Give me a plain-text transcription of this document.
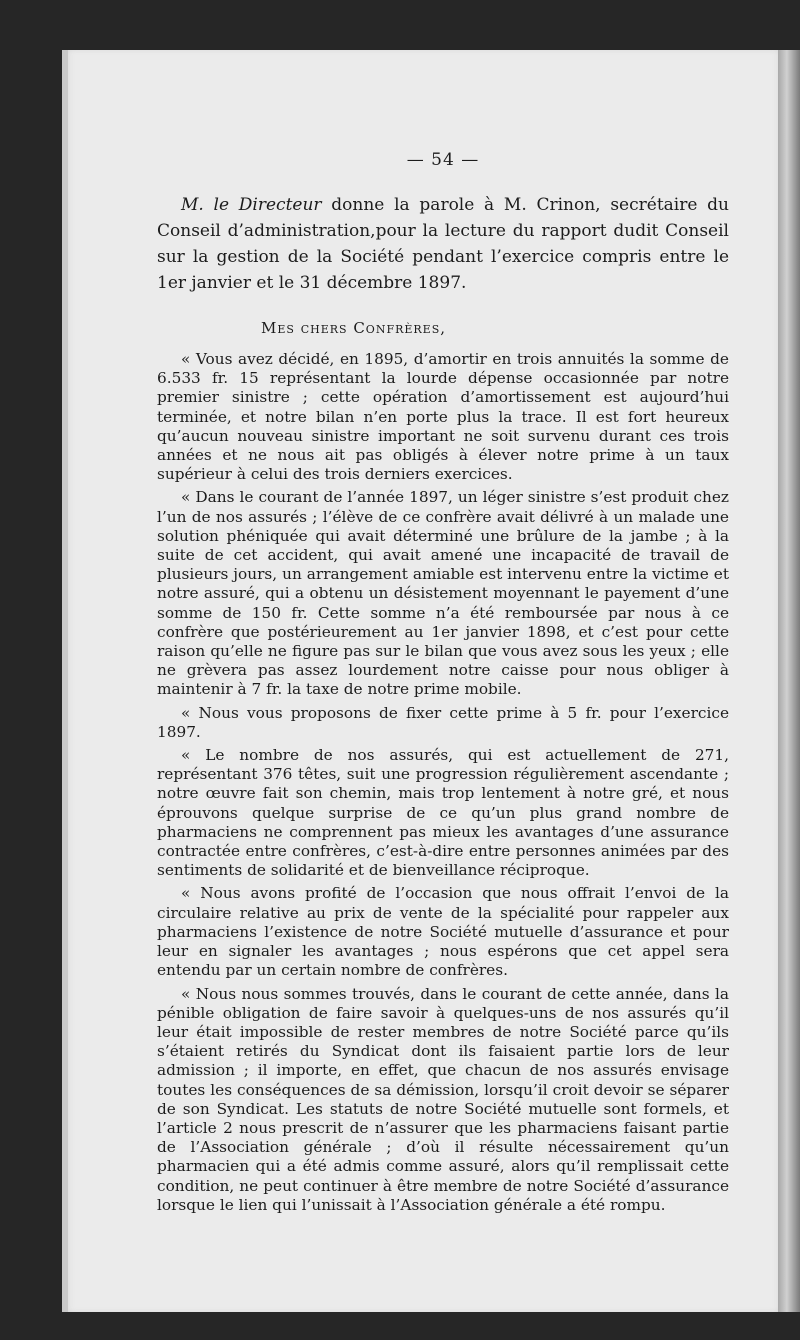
— 54 —

M. le Directeur donne la parole à M. Crinon, secrétaire du Conseil d’administration,pour la lecture du rapport dudit Conseil sur la gestion de la Société pendant l’exercice compris entre le 1er janvier et le 31 décembre 1897.

Mes chers Confrères,

« Vous avez décidé, en 1895, d’amortir en trois annuités la somme de 6.533 fr. 15 représentant la lourde dépense occasionnée par notre premier sinistre ; cette opération d’amortissement est aujourd’hui terminée, et notre bilan n’en porte plus la trace. Il est fort heureux qu’aucun nouveau sinistre important ne soit survenu durant ces trois années et ne nous ait pas obligés à élever notre prime à un taux supérieur à celui des trois derniers exercices.

« Dans le courant de l’année 1897, un léger sinistre s’est produit chez l’un de nos assurés ; l’élève de ce confrère avait délivré à un malade une solution phéniquée qui avait déterminé une brûlure de la jambe ; à la suite de cet accident, qui avait amené une incapacité de travail de plusieurs jours, un arrangement amiable est intervenu entre la victime et notre assuré, qui a obtenu un désistement moyennant le payement d’une somme de 150 fr. Cette somme n’a été remboursée par nous à ce confrère que postérieurement au 1er janvier 1898, et c’est pour cette raison qu’elle ne figure pas sur le bilan que vous avez sous les yeux ; elle ne grèvera pas assez lourdement notre caisse pour nous obliger à maintenir à 7 fr. la taxe de notre prime mobile.

« Nous vous proposons de fixer cette prime à 5 fr. pour l’exercice 1897.

« Le nombre de nos assurés, qui est actuellement de 271, représentant 376 têtes, suit une progression régulièrement ascendante ; notre œuvre fait son chemin, mais trop lentement à notre gré, et nous éprouvons quelque surprise de ce qu’un plus grand nombre de pharmaciens ne comprennent pas mieux les avantages d’une assurance contractée entre confrères, c’est-à-dire entre personnes animées par des sentiments de solidarité et de bienveillance réciproque.

« Nous avons profité de l’occasion que nous offrait l’envoi de la circulaire relative au prix de vente de la spécialité pour rappeler aux pharmaciens l’existence de notre Société mutuelle d’assurance et pour leur en signaler les avantages ; nous espérons que cet appel sera entendu par un certain nombre de confrères.

« Nous nous sommes trouvés, dans le courant de cette année, dans la pénible obligation de faire savoir à quelques-uns de nos assurés qu’il leur était impossible de rester membres de notre Société parce qu’ils s’étaient retirés du Syndicat dont ils faisaient partie lors de leur admission ; il importe, en effet, que chacun de nos assurés envisage toutes les conséquences de sa démission, lorsqu’il croit devoir se séparer de son Syndicat. Les statuts de notre Société mutuelle sont formels, et l’article 2 nous prescrit de n’assurer que les pharmaciens faisant partie de l’Association générale ; d’où il résulte nécessairement qu’un pharmacien qui a été admis comme assuré, alors qu’il remplissait cette condition, ne peut continuer à être membre de notre Société d’assurance lorsque le lien qui l’unissait à l’Association générale a été rompu.
